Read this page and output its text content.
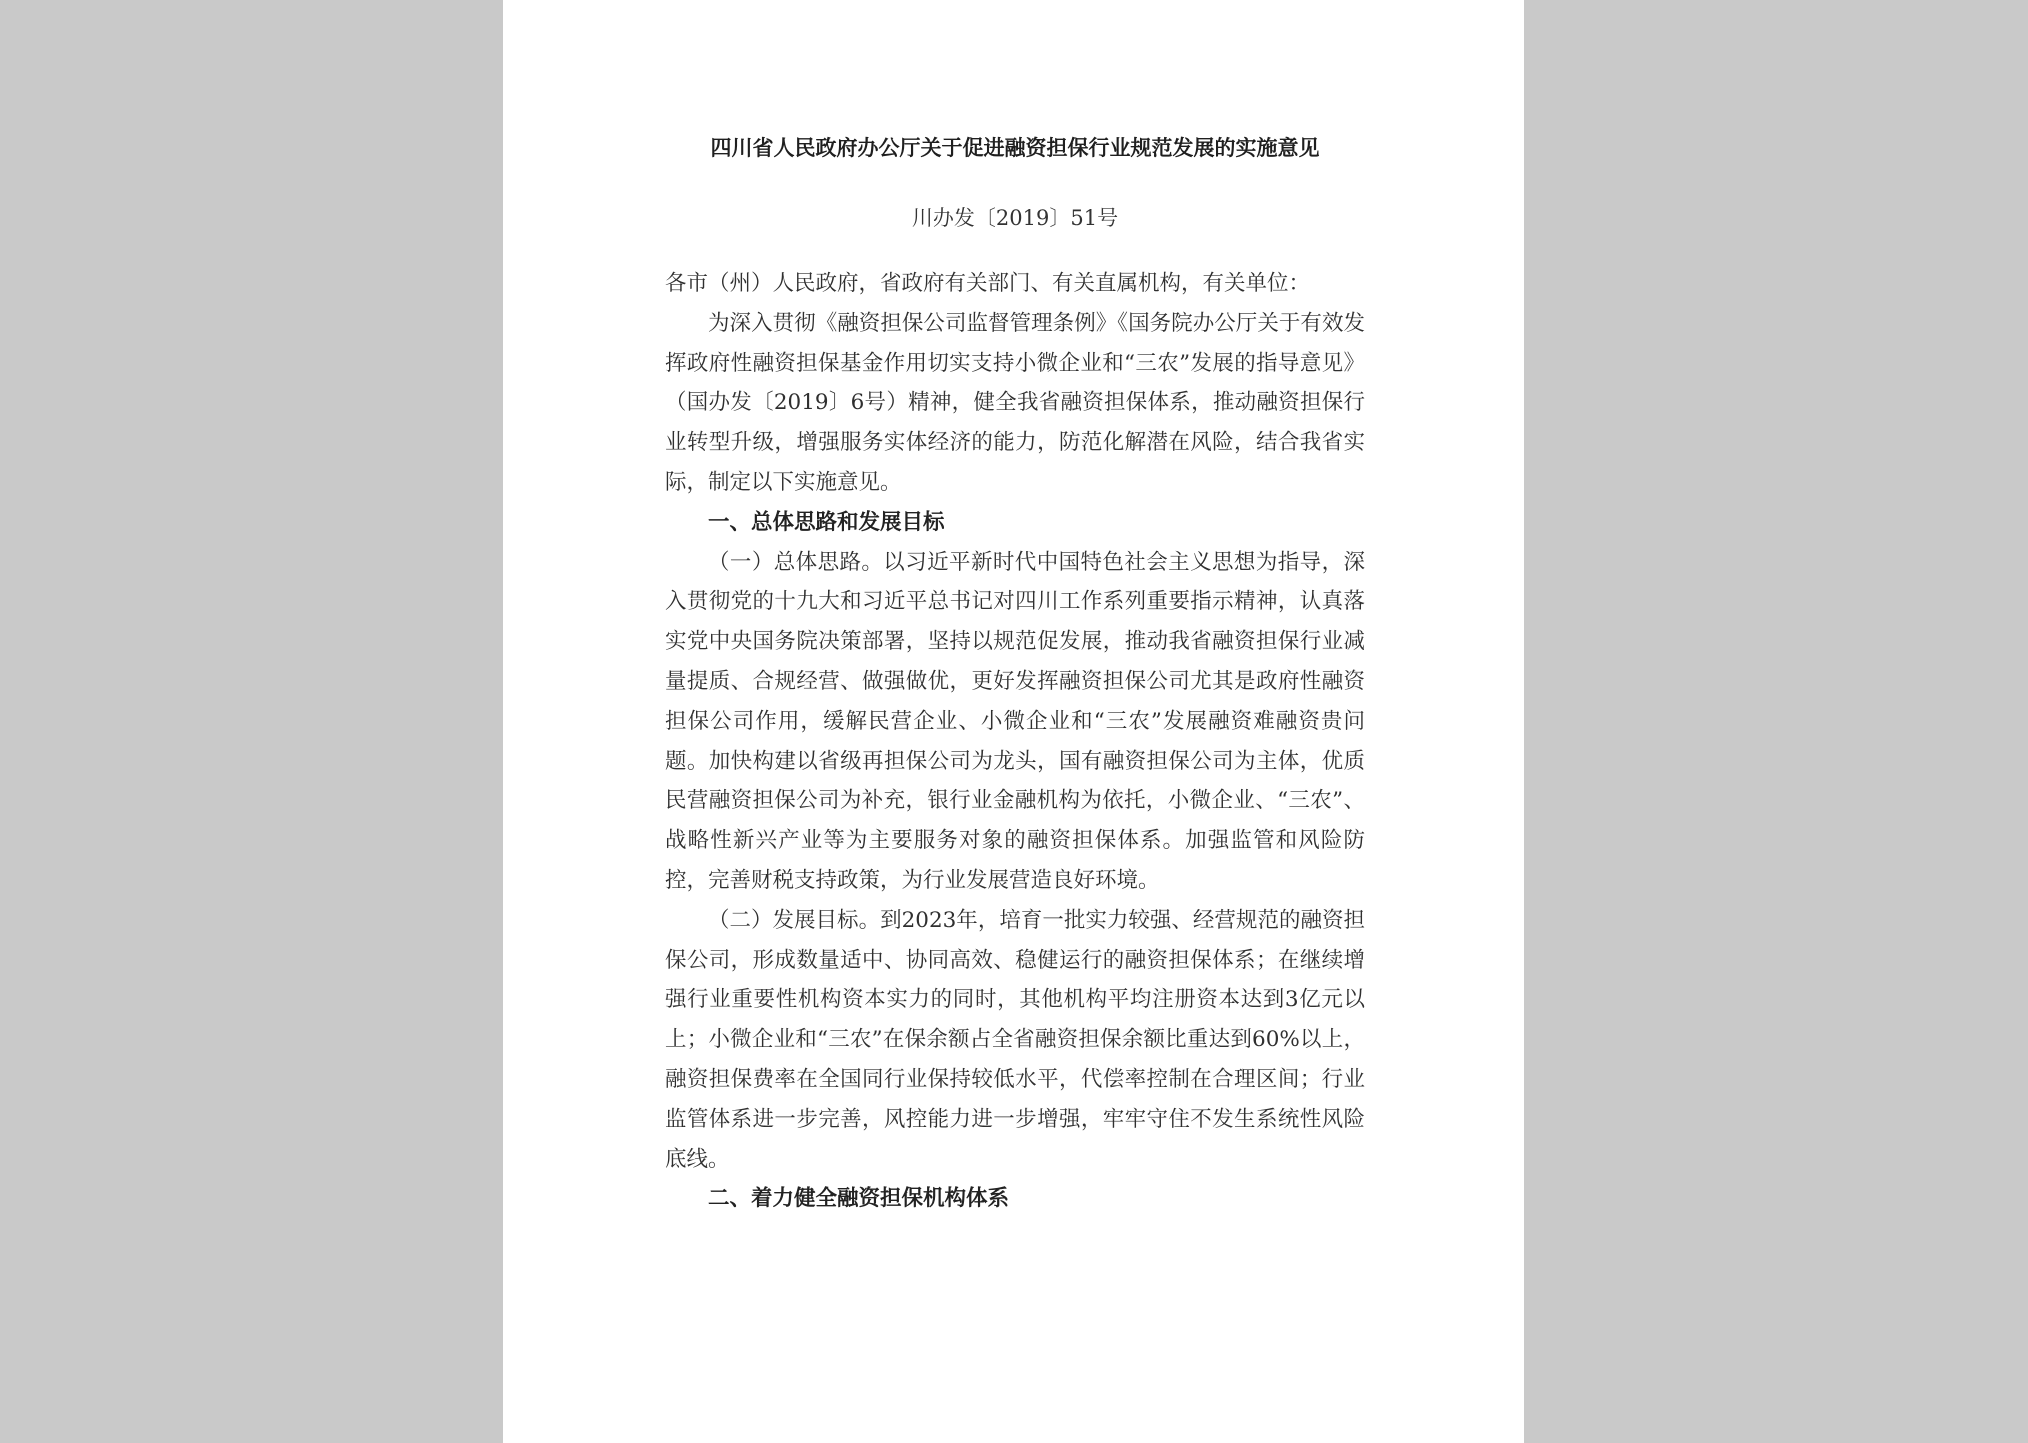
四川省人民政府办公厅关于促进融资担保行业规范发展的实施意见
川办发〔2019〕51号

各市（州）人民政府，省政府有关部门、有关直属机构，有关单位：

为深入贯彻《融资担保公司监督管理条例》《国务院办公厅关于有效发挥政府性融资担保基金作用切实支持小微企业和“三农”发展的指导意见》（国办发〔2019〕6号）精神，健全我省融资担保体系，推动融资担保行业转型升级，增强服务实体经济的能力，防范化解潜在风险，结合我省实际，制定以下实施意见。

一、总体思路和发展目标

（一）总体思路。以习近平新时代中国特色社会主义思想为指导，深入贯彻党的十九大和习近平总书记对四川工作系列重要指示精神，认真落实党中央国务院决策部署，坚持以规范促发展，推动我省融资担保行业减量提质、合规经营、做强做优，更好发挥融资担保公司尤其是政府性融资担保公司作用，缓解民营企业、小微企业和“三农”发展融资难融资贵问题。加快构建以省级再担保公司为龙头，国有融资担保公司为主体，优质民营融资担保公司为补充，银行业金融机构为依托，小微企业、“三农”、战略性新兴产业等为主要服务对象的融资担保体系。加强监管和风险防控，完善财税支持政策，为行业发展营造良好环境。

（二）发展目标。到2023年，培育一批实力较强、经营规范的融资担保公司，形成数量适中、协同高效、稳健运行的融资担保体系；在继续增强行业重要性机构资本实力的同时，其他机构平均注册资本达到3亿元以上；小微企业和“三农”在保余额占全省融资担保余额比重达到60%以上，融资担保费率在全国同行业保持较低水平，代偿率控制在合理区间；行业监管体系进一步完善，风控能力进一步增强，牢牢守住不发生系统性风险底线。

二、着力健全融资担保机构体系
